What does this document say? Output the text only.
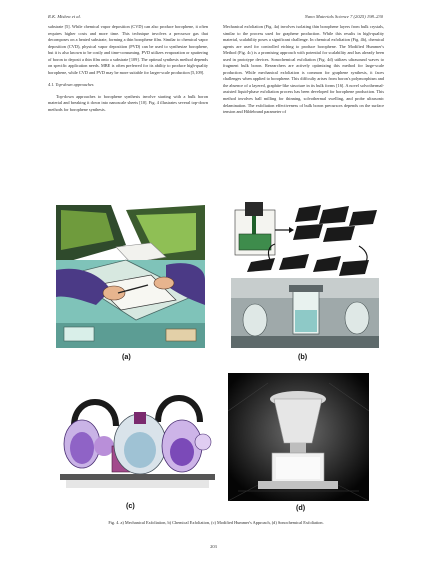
R.K. Mishra et al.	Nano Materials Science 7 (2025) 198–230

substrate [5]. While chemical vapor deposition (CVD) can also produce borophene, it often requires higher costs and more time. This technique involves a precursor gas that decomposes on a heated substrate, forming a thin borophene film. Similar to chemical vapor deposition (CVD), physical vapor deposition (PVD) can be used to synthesize borophene, but it is also known to be costly and time-consuming. PVD utilizes evaporation or sputtering of boron to deposit a thin film onto a substrate [109]. The optimal synthesis method depends on specific application needs. MBE is often preferred for its ability to produce high-quality borophene, while CVD and PVD may be more suitable for larger-scale production [5,109].

4.1. Top-down approaches

Top-down approaches to borophene synthesis involve starting with a bulk boron material and breaking it down into nanoscale sheets [10]. Fig. 4 illustrates several top-down methods for borophene synthesis.

Mechanical exfoliation (Fig. 4a) involves isolating thin borophene layers from bulk crystals, similar to the process used for graphene production. While this results in high-quality material, scalability poses a significant challenge. In chemical exfoliation (Fig. 4b), chemical agents are used for controlled etching to produce borophene. The Modified Hummer's Method (Fig. 4c) is a promising approach with potential for scalability and has already been used in prototype devices. Sonochemical exfoliation (Fig. 4d) utilizes ultrasound waves to fragment bulk boron. Researchers are actively optimizing this method for large-scale production. While mechanical exfoliation is common for graphene synthesis, it faces challenges when applied to borophene. This difficulty arises from boron's polymorphism and the absence of a layered, graphite-like structure in its bulk forms [16]. A novel solvothermal-assisted liquid-phase exfoliation process has been developed for borophene production. This method involves ball milling for thinning, solvothermal swelling, and probe ultrasonic delamination. The exfoliation effectiveness of bulk boron precursors depends on the surface tension and Hildebrand parameter of

(a)	(b)
(c)	(d)
Fig. 4. a) Mechanical Exfoliation, b) Chemical Exfoliation, (c) Modified Hummer's Approach, (d) Sonochemical Exfoliation.
203
